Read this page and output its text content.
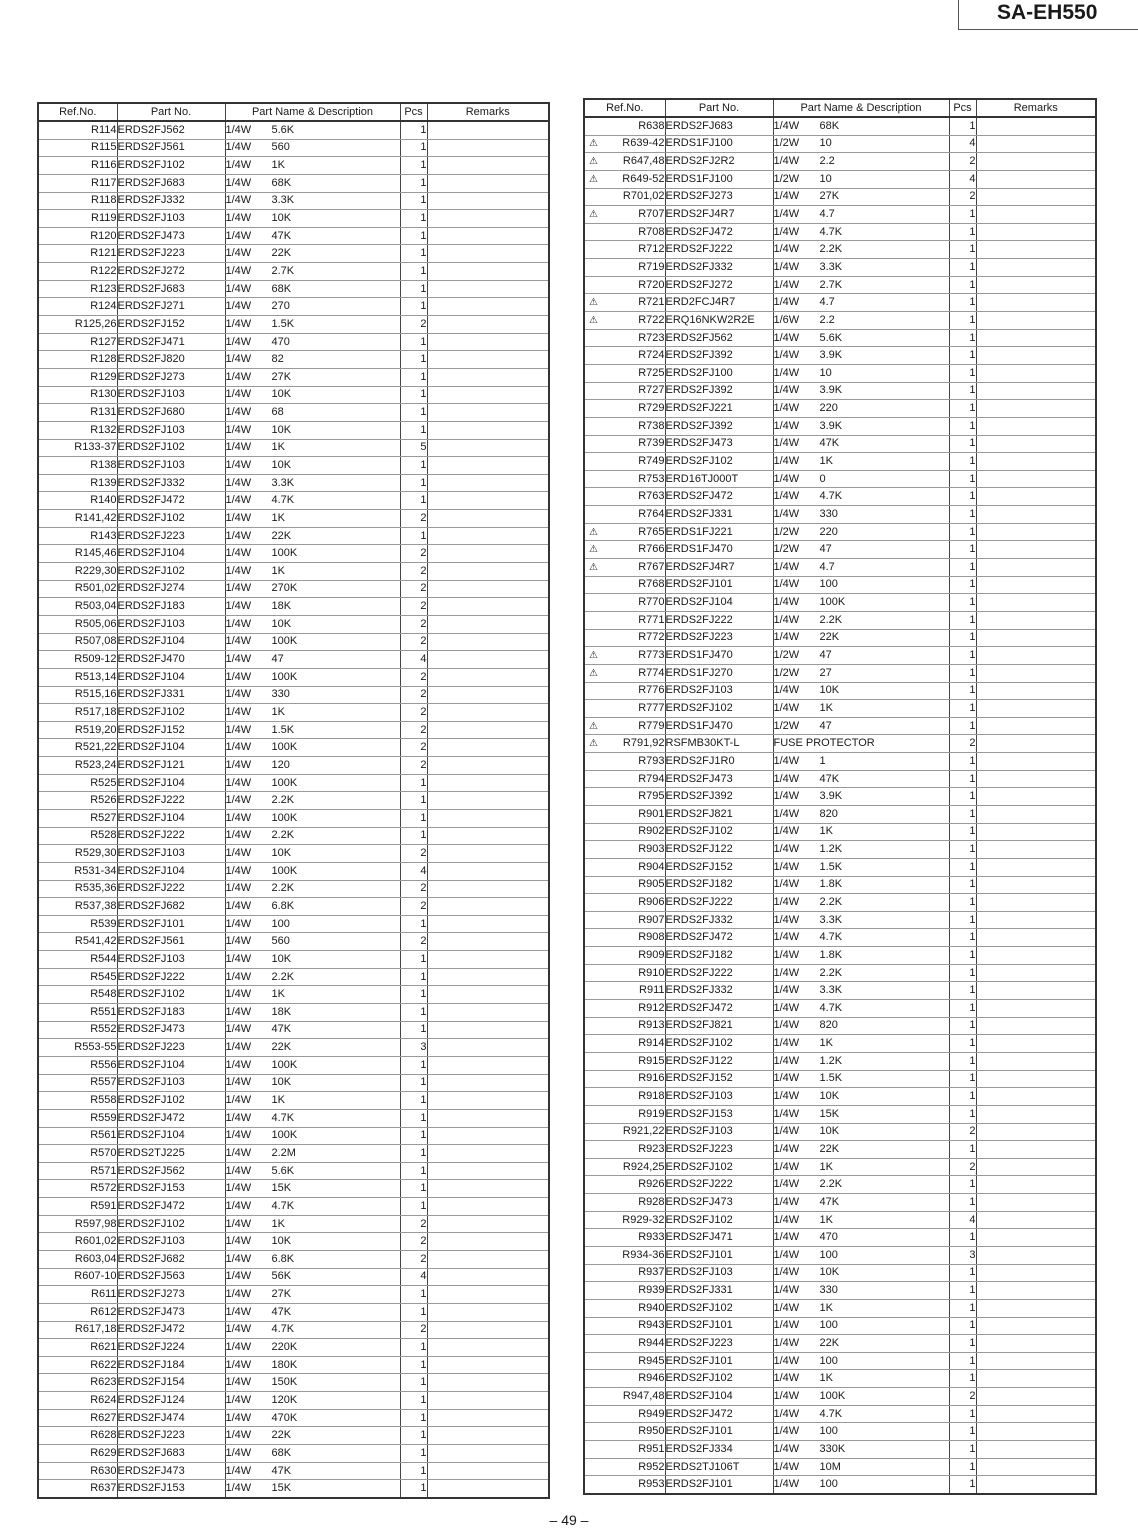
SA-EH550
Ref.No.	Part No.	Part Name & Description	Pcs	Remarks
R114	ERDS2FJ562	1/4W 5.6K	1	
R115	ERDS2FJ561	1/4W 560	1	
R116	ERDS2FJ102	1/4W 1K	1	
R117	ERDS2FJ683	1/4W 68K	1	
R118	ERDS2FJ332	1/4W 3.3K	1	
R119	ERDS2FJ103	1/4W 10K	1	
R120	ERDS2FJ473	1/4W 47K	1	
R121	ERDS2FJ223	1/4W 22K	1	
R122	ERDS2FJ272	1/4W 2.7K	1	
R123	ERDS2FJ683	1/4W 68K	1	
R124	ERDS2FJ271	1/4W 270	1	
R125,26	ERDS2FJ152	1/4W 1.5K	2	
R127	ERDS2FJ471	1/4W 470	1	
R128	ERDS2FJ820	1/4W 82	1	
R129	ERDS2FJ273	1/4W 27K	1	
R130	ERDS2FJ103	1/4W 10K	1	
R131	ERDS2FJ680	1/4W 68	1	
R132	ERDS2FJ103	1/4W 10K	1	
R133-37	ERDS2FJ102	1/4W 1K	5	
R138	ERDS2FJ103	1/4W 10K	1	
R139	ERDS2FJ332	1/4W 3.3K	1	
R140	ERDS2FJ472	1/4W 4.7K	1	
R141,42	ERDS2FJ102	1/4W 1K	2	
R143	ERDS2FJ223	1/4W 22K	1	
R145,46	ERDS2FJ104	1/4W 100K	2	
R229,30	ERDS2FJ102	1/4W 1K	2	
R501,02	ERDS2FJ274	1/4W 270K	2	
R503,04	ERDS2FJ183	1/4W 18K	2	
R505,06	ERDS2FJ103	1/4W 10K	2	
R507,08	ERDS2FJ104	1/4W 100K	2	
R509-12	ERDS2FJ470	1/4W 47	4	
R513,14	ERDS2FJ104	1/4W 100K	2	
R515,16	ERDS2FJ331	1/4W 330	2	
R517,18	ERDS2FJ102	1/4W 1K	2	
R519,20	ERDS2FJ152	1/4W 1.5K	2	
R521,22	ERDS2FJ104	1/4W 100K	2	
R523,24	ERDS2FJ121	1/4W 120	2	
R525	ERDS2FJ104	1/4W 100K	1	
R526	ERDS2FJ222	1/4W 2.2K	1	
R527	ERDS2FJ104	1/4W 100K	1	
R528	ERDS2FJ222	1/4W 2.2K	1	
R529,30	ERDS2FJ103	1/4W 10K	2	
R531-34	ERDS2FJ104	1/4W 100K	4	
R535,36	ERDS2FJ222	1/4W 2.2K	2	
R537,38	ERDS2FJ682	1/4W 6.8K	2	
R539	ERDS2FJ101	1/4W 100	1	
R541,42	ERDS2FJ561	1/4W 560	2	
R544	ERDS2FJ103	1/4W 10K	1	
R545	ERDS2FJ222	1/4W 2.2K	1	
R548	ERDS2FJ102	1/4W 1K	1	
R551	ERDS2FJ183	1/4W 18K	1	
R552	ERDS2FJ473	1/4W 47K	1	
R553-55	ERDS2FJ223	1/4W 22K	3	
R556	ERDS2FJ104	1/4W 100K	1	
R557	ERDS2FJ103	1/4W 10K	1	
R558	ERDS2FJ102	1/4W 1K	1	
R559	ERDS2FJ472	1/4W 4.7K	1	
R561	ERDS2FJ104	1/4W 100K	1	
R570	ERDS2TJ225	1/4W 2.2M	1	
R571	ERDS2FJ562	1/4W 5.6K	1	
R572	ERDS2FJ153	1/4W 15K	1	
R591	ERDS2FJ472	1/4W 4.7K	1	
R597,98	ERDS2FJ102	1/4W 1K	2	
R601,02	ERDS2FJ103	1/4W 10K	2	
R603,04	ERDS2FJ682	1/4W 6.8K	2	
R607-10	ERDS2FJ563	1/4W 56K	4	
R611	ERDS2FJ273	1/4W 27K	1	
R612	ERDS2FJ473	1/4W 47K	1	
R617,18	ERDS2FJ472	1/4W 4.7K	2	
R621	ERDS2FJ224	1/4W 220K	1	
R622	ERDS2FJ184	1/4W 180K	1	
R623	ERDS2FJ154	1/4W 150K	1	
R624	ERDS2FJ124	1/4W 120K	1	
R627	ERDS2FJ474	1/4W 470K	1	
R628	ERDS2FJ223	1/4W 22K	1	
R629	ERDS2FJ683	1/4W 68K	1	
R630	ERDS2FJ473	1/4W 47K	1	
R637	ERDS2FJ153	1/4W 15K	1	
Ref.No.	Part No.	Part Name & Description	Pcs	Remarks
R638	ERDS2FJ683	1/4W 68K	1	

⚠ R639-42	ERDS1FJ100	1/2W 10	4	

⚠ R647,48	ERDS2FJ2R2	1/4W 2.2	2	

⚠ R649-52	ERDS1FJ100	1/2W 10	4	
R701,02	ERDS2FJ273	1/4W 27K	2	

⚠ R707	ERDS2FJ4R7	1/4W 4.7	1	
R708	ERDS2FJ472	1/4W 4.7K	1	
R712	ERDS2FJ222	1/4W 2.2K	1	
R719	ERDS2FJ332	1/4W 3.3K	1	
R720	ERDS2FJ272	1/4W 2.7K	1	

⚠ R721	ERD2FCJ4R7	1/4W 4.7	1	

⚠ R722	ERQ16NKW2R2E	1/6W 2.2	1	
R723	ERDS2FJ562	1/4W 5.6K	1	
R724	ERDS2FJ392	1/4W 3.9K	1	
R725	ERDS2FJ100	1/4W 10	1	
R727	ERDS2FJ392	1/4W 3.9K	1	
R729	ERDS2FJ221	1/4W 220	1	
R738	ERDS2FJ392	1/4W 3.9K	1	
R739	ERDS2FJ473	1/4W 47K	1	
R749	ERDS2FJ102	1/4W 1K	1	
R753	ERD16TJ000T	1/4W 0	1	
R763	ERDS2FJ472	1/4W 4.7K	1	
R764	ERDS2FJ331	1/4W 330	1	

⚠ R765	ERDS1FJ221	1/2W 220	1	

⚠ R766	ERDS1FJ470	1/2W 47	1	

⚠ R767	ERDS2FJ4R7	1/4W 4.7	1	
R768	ERDS2FJ101	1/4W 100	1	
R770	ERDS2FJ104	1/4W 100K	1	
R771	ERDS2FJ222	1/4W 2.2K	1	
R772	ERDS2FJ223	1/4W 22K	1	

⚠ R773	ERDS1FJ470	1/2W 47	1	

⚠ R774	ERDS1FJ270	1/2W 27	1	
R776	ERDS2FJ103	1/4W 10K	1	
R777	ERDS2FJ102	1/4W 1K	1	

⚠ R779	ERDS1FJ470	1/2W 47	1	

⚠ R791,92	RSFMB30KT-L	FUSE PROTECTOR	2	
R793	ERDS2FJ1R0	1/4W 1	1	
R794	ERDS2FJ473	1/4W 47K	1	
R795	ERDS2FJ392	1/4W 3.9K	1	
R901	ERDS2FJ821	1/4W 820	1	
R902	ERDS2FJ102	1/4W 1K	1	
R903	ERDS2FJ122	1/4W 1.2K	1	
R904	ERDS2FJ152	1/4W 1.5K	1	
R905	ERDS2FJ182	1/4W 1.8K	1	
R906	ERDS2FJ222	1/4W 2.2K	1	
R907	ERDS2FJ332	1/4W 3.3K	1	
R908	ERDS2FJ472	1/4W 4.7K	1	
R909	ERDS2FJ182	1/4W 1.8K	1	
R910	ERDS2FJ222	1/4W 2.2K	1	
R911	ERDS2FJ332	1/4W 3.3K	1	
R912	ERDS2FJ472	1/4W 4.7K	1	
R913	ERDS2FJ821	1/4W 820	1	
R914	ERDS2FJ102	1/4W 1K	1	
R915	ERDS2FJ122	1/4W 1.2K	1	
R916	ERDS2FJ152	1/4W 1.5K	1	
R918	ERDS2FJ103	1/4W 10K	1	
R919	ERDS2FJ153	1/4W 15K	1	
R921,22	ERDS2FJ103	1/4W 10K	2	
R923	ERDS2FJ223	1/4W 22K	1	
R924,25	ERDS2FJ102	1/4W 1K	2	
R926	ERDS2FJ222	1/4W 2.2K	1	
R928	ERDS2FJ473	1/4W 47K	1	
R929-32	ERDS2FJ102	1/4W 1K	4	
R933	ERDS2FJ471	1/4W 470	1	
R934-36	ERDS2FJ101	1/4W 100	3	
R937	ERDS2FJ103	1/4W 10K	1	
R939	ERDS2FJ331	1/4W 330	1	
R940	ERDS2FJ102	1/4W 1K	1	
R943	ERDS2FJ101	1/4W 100	1	
R944	ERDS2FJ223	1/4W 22K	1	
R945	ERDS2FJ101	1/4W 100	1	
R946	ERDS2FJ102	1/4W 1K	1	
R947,48	ERDS2FJ104	1/4W 100K	2	
R949	ERDS2FJ472	1/4W 4.7K	1	
R950	ERDS2FJ101	1/4W 100	1	
R951	ERDS2FJ334	1/4W 330K	1	
R952	ERDS2TJ106T	1/4W 10M	1	
R953	ERDS2FJ101	1/4W 100	1	
– 49 –
